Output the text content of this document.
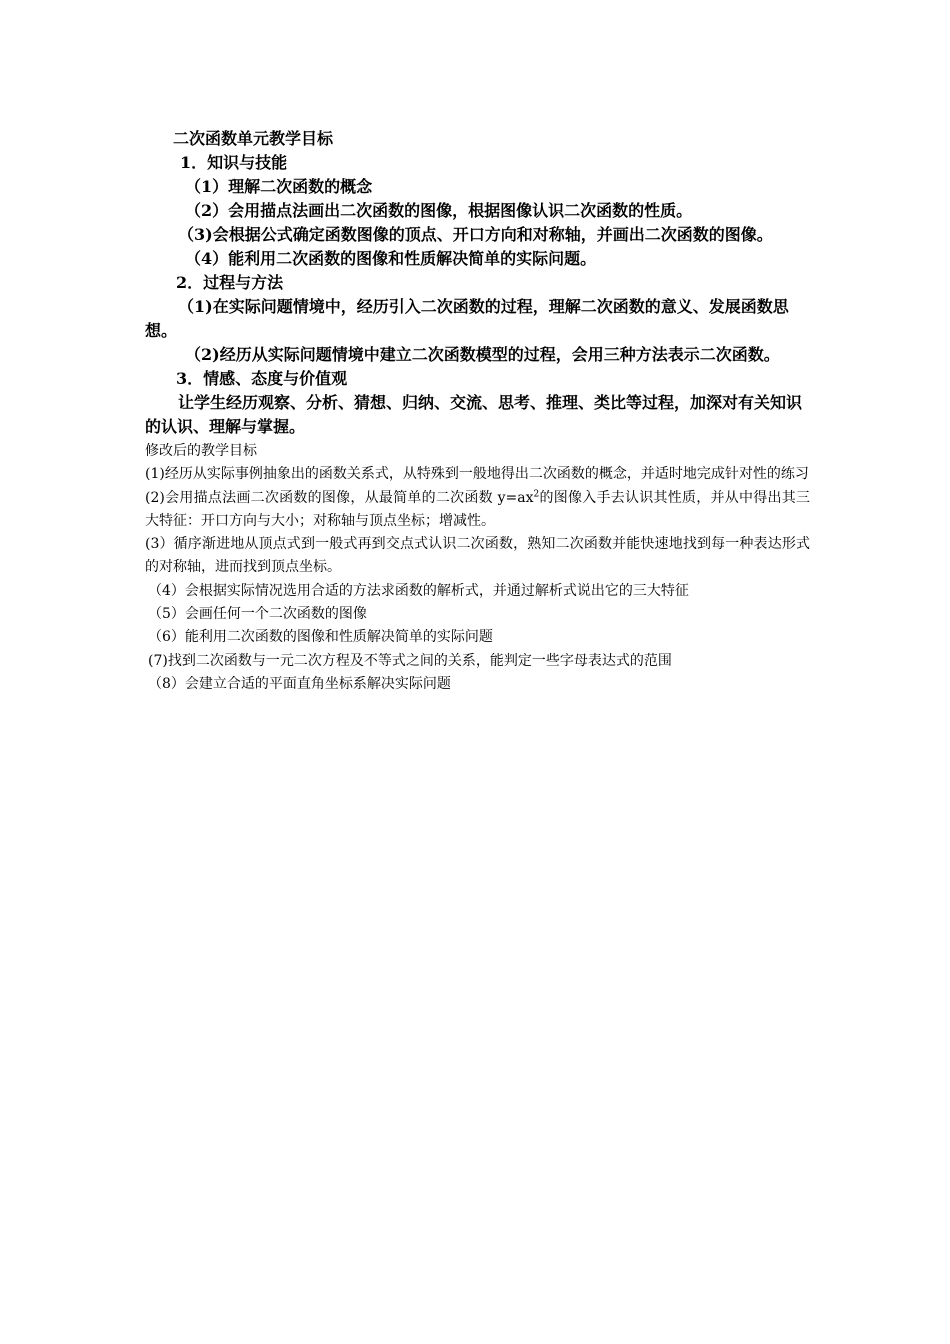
二次函数单元教学目标

1．知识与技能

（1）理解二次函数的概念

（2）会用描点法画出二次函数的图像，根据图像认识二次函数的性质。

（3)会根据公式确定函数图像的顶点、开口方向和对称轴，并画出二次函数的图像。

（4）能利用二次函数的图像和性质解决简单的实际问题。

2．过程与方法

（1)在实际问题情境中，经历引入二次函数的过程，理解二次函数的意义、发展函数思想。

（2)经历从实际问题情境中建立二次函数模型的过程，会用三种方法表示二次函数。

3．情感、态度与价值观

让学生经历观察、分析、猜想、归纳、交流、思考、推理、类比等过程，加深对有关知识的认识、理解与掌握。

修改后的教学目标

(1)经历从实际事例抽象出的函数关系式，从特殊到一般地得出二次函数的概念，并适时地完成针对性的练习

(2)会用描点法画二次函数的图像，从最简单的二次函数 $y=ax^2$的图像入手去认识其性质，并从中得出其三大特征：开口方向与大小；对称轴与顶点坐标；增减性。

(3）循序渐进地从顶点式到一般式再到交点式认识二次函数，熟知二次函数并能快速地找到每一种表达形式的对称轴，进而找到顶点坐标。

（4）会根据实际情况选用合适的方法求函数的解析式，并通过解析式说出它的三大特征

（5）会画任何一个二次函数的图像

（6）能利用二次函数的图像和性质解决简单的实际问题

(7)找到二次函数与一元二次方程及不等式之间的关系，能判定一些字母表达式的范围

（8）会建立合适的平面直角坐标系解决实际问题
